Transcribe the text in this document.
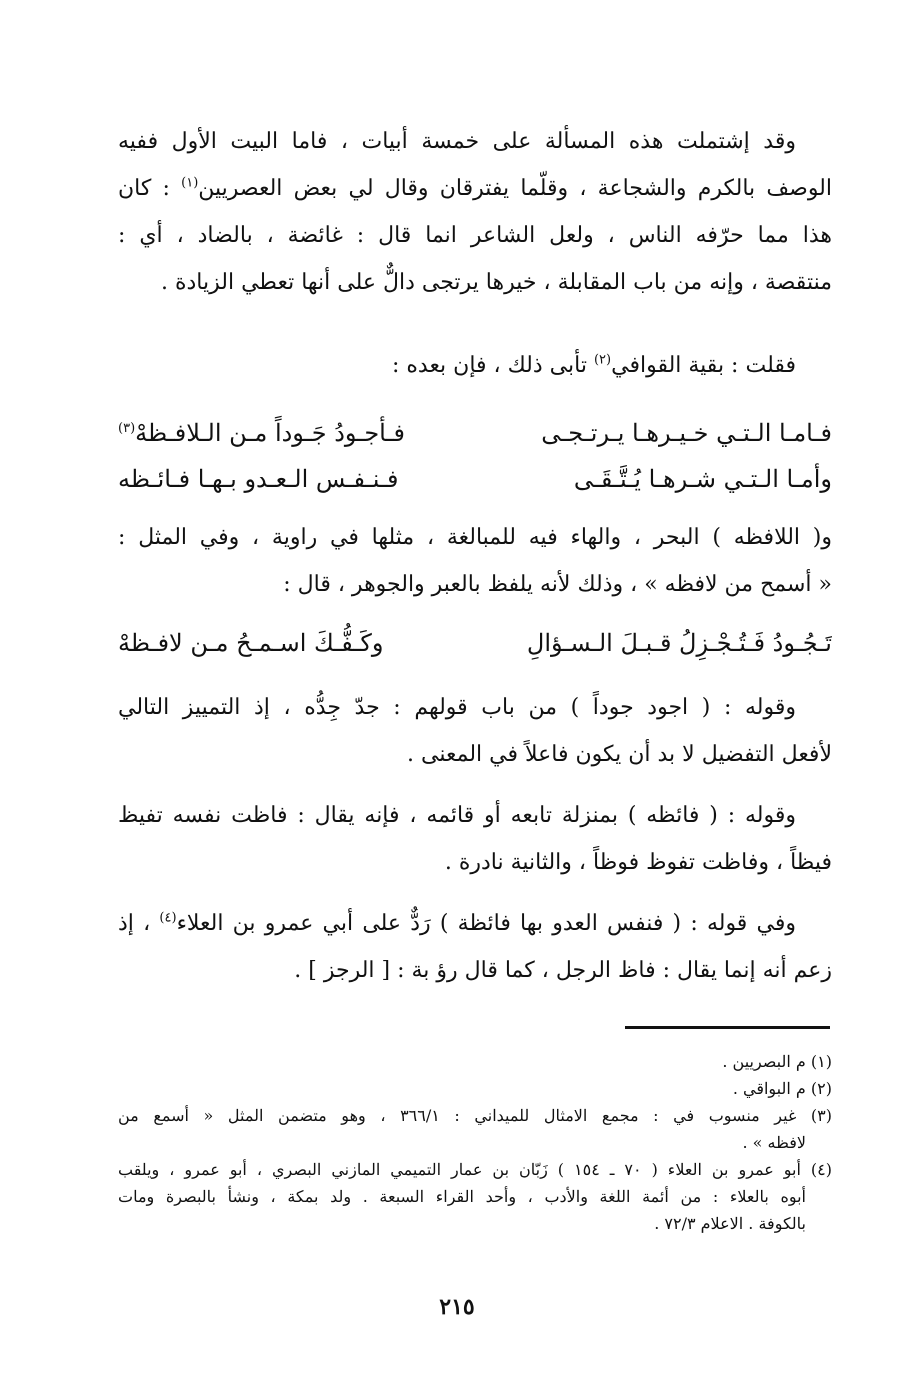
وقد إشتملت هذه المسألة على خمسة أبيات ، فاما البيت الأول ففيه
الوصف بالكرم والشجاعة ، وقلّما يفترقان وقال لي بعض العصريين$^{(١)}$ : كان
هذا مما حرّفه الناس ، ولعل الشاعر انما قال : غائضة ، بالضاد ، أي :
منتقصة ، وإنه من باب المقابلة ، خيرها يرتجى دالٌّ على أنها تعطي الزيادة .
فقلت : بقية القوافي$^{(٢)}$ تأبى ذلك ، فإن بعده :
فـامـا الـتـي خـيـرهـا يـرتـجـى
فـأجـودُ جَـوداً مـن الـلافـظهْ$^{(٣)}$
وأمـا الـتـي شـرهـا يُـتَّـقَـى
فـنـفـس الـعـدو بـهـا فـائـظه
و( اللافظه ) البحر ، والهاء فيه للمبالغة ، مثلها في راوية ، وفي المثل :
« أسمح من لافظه » ، وذلك لأنه يلفظ بالعبر والجوهر ، قال :
تَـجُـودُ فَـتُـجْـزِلُ قـبـلَ الـسـؤالِ
وكَـفُّـكَ اسـمـحُ مـن لافـظهْ
وقوله : ( اجود جوداً ) من باب قولهم : جدّ جِدُّه ، إذ التمييز التالي
لأفعل التفضيل لا بد أن يكون فاعلاً في المعنى .
وقوله : ( فائظه ) بمنزلة تابعه أو قائمه ، فإنه يقال : فاظت نفسه تفيظ
فيظاً ، وفاظت تفوظ فوظاً ، والثانية نادرة .
وفي قوله : ( فنفس العدو بها فائظة ) رَدٌّ على أبي عمرو بن العلاء$^{(٤)}$ ، إذ
زعم أنه إنما يقال : فاظ الرجل ، كما قال رؤ بة : [ الرجز ] .
(١) م البصريين .
(٢) م البواقي .
(٣) غير منسوب في : مجمع الامثال للميداني : ٣٦٦/١ ، وهو متضمن المثل « أسمع من
لافظه » .
(٤) أبو عمرو بن العلاء ( ٧٠ ـ ١٥٤ ) زَبّان بن عمار التميمي المازني البصري ، أبو عمرو ، ويلقب
أبوه بالعلاء : من أئمة اللغة والأدب ، وأحد القراء السبعة . ولد بمكة ، ونشأ بالبصرة ومات
بالكوفة . الاعلام ٧٢/٣ .
٢١٥
